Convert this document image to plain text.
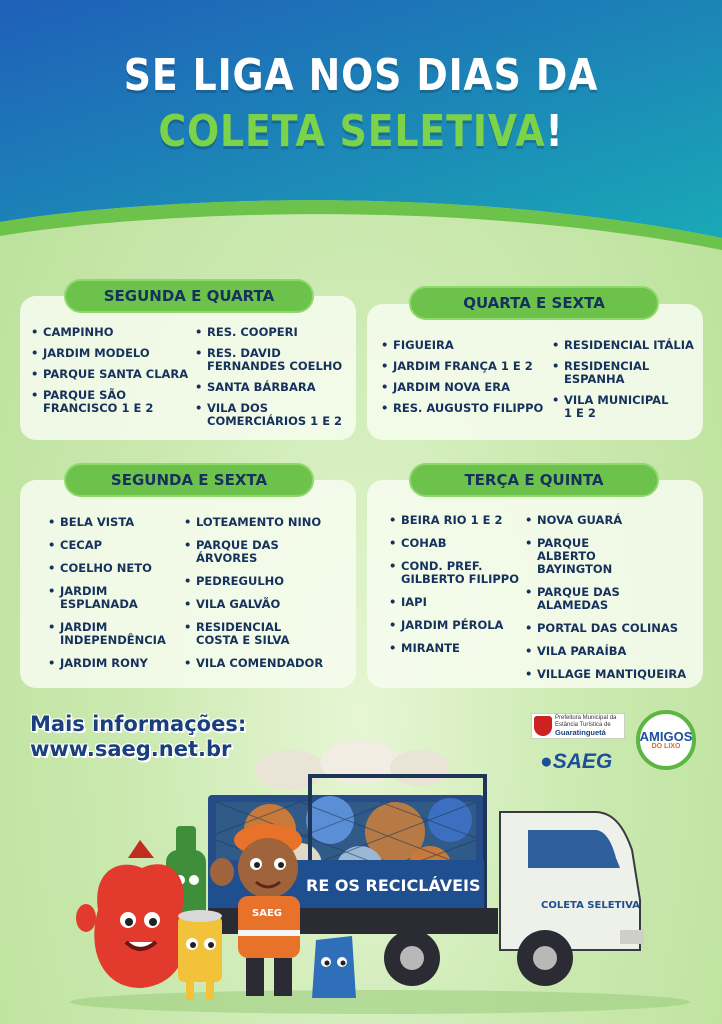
SE LIGA NOS DIAS DA
COLETA SELETIVA!
SEGUNDA E QUARTA
• CAMPINHO
• JARDIM MODELO
• PARQUE SANTA CLARA
• PARQUE SÃO FRANCISCO 1 E 2
• RES. COOPERI
• RES. DAVID FERNANDES COELHO
• SANTA BÁRBARA
• VILA DOS COMERCIÁRIOS 1 E 2
QUARTA E SEXTA
• FIGUEIRA
• JARDIM FRANÇA 1 E 2
• JARDIM NOVA ERA
• RES. AUGUSTO FILIPPO
• RESIDENCIAL ITÁLIA
• RESIDENCIAL ESPANHA
• VILA MUNICIPAL 1 E 2
SEGUNDA E SEXTA
• BELA VISTA
• CECAP
• COELHO NETO
• JARDIM ESPLANADA
• JARDIM INDEPENDÊNCIA
• JARDIM RONY
• LOTEAMENTO NINO
• PARQUE DAS ÁRVORES
• PEDREGULHO
• VILA GALVÃO
• RESIDENCIAL COSTA E SILVA
• VILA COMENDADOR
TERÇA E QUINTA
• BEIRA RIO 1 E 2
• COHAB
• COND. PREF. GILBERTO FILIPPO
• IAPI
• JARDIM PÉROLA
• MIRANTE
• NOVA GUARÁ
• PARQUE ALBERTO BAYINGTON
• PARQUE DAS ALAMEDAS
• PORTAL DAS COLINAS
• VILA PARAÍBA
• VILLAGE MANTIQUEIRA
Mais informações:
www.saeg.net.br
Prefeitura Municipal da
Estância Turística de
Guaratinguetá
●SAEG
AMIGOS
DO LIXO
RE OS RECICLÁVEIS
COLETA SELETIVA
SAEG
